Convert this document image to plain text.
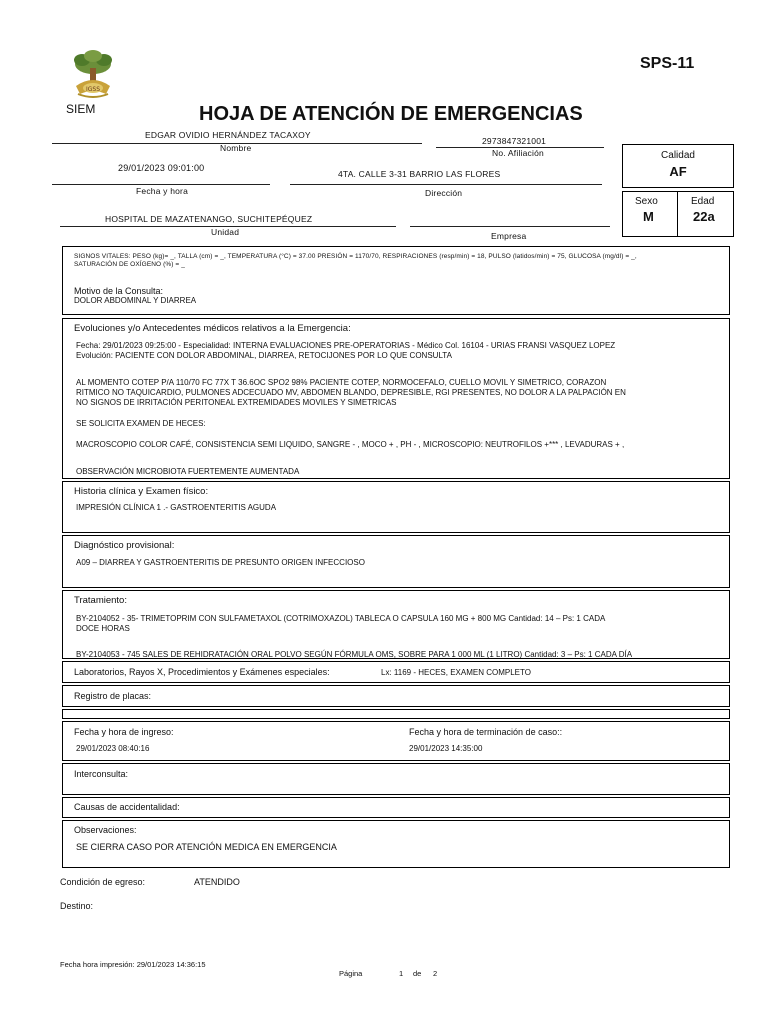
IGSS
SIEM
SPS-11
HOJA DE ATENCIÓN DE EMERGENCIAS
EDGAR OVIDIO HERNÁNDEZ TACAXOY
Nombre
2973847321001
No. Afiliación	Calidad
AF
29/01/2023 09:01:00
Fecha y hora
4TA. CALLE 3-31 BARRIO LAS FLORES
Dirección
Sexo
M
Edad
22a
HOSPITAL DE MAZATENANGO, SUCHITEPÉQUEZ
Unidad	Empresa
SIGNOS VITALES: PESO (kg)= _, TALLA (cm) = _, TEMPERATURA (°C) = 37.00 PRESIÓN = 1170/70, RESPIRACIONES (resp/min) = 18, PULSO (latidos/min) = 75, GLUCOSA (mg/dl) = _,
SATURACIÓN DE OXÍGENO (%) = _
Motivo de la Consulta:
DOLOR ABDOMINAL Y DIARREA
Evoluciones y/o Antecedentes médicos relativos a la Emergencia:
Fecha: 29/01/2023 09:25:00 - Especialidad: INTERNA EVALUACIONES PRE-OPERATORIAS - Médico Col. 16104 - URIAS FRANSI VASQUEZ LOPEZ
Evolución: PACIENTE CON DOLOR ABDOMINAL, DIARREA, RETOCIJONES POR LO QUE CONSULTA
AL MOMENTO COTEP P/A 110/70 FC 77X T 36.6OC SPO2 98% PACIENTE COTEP, NORMOCEFALO, CUELLO MOVIL Y SIMETRICO, CORAZON
RITMICO NO TAQUICARDIO, PULMONES ADCECUADO MV, ABDOMEN BLANDO, DEPRESIBLE, RGI PRESENTES, NO DOLOR A LA PALPACIÓN EN
NO SIGNOS DE IRRITACIÓN PERITONEAL EXTREMIDADES MOVILES Y SIMETRICAS
SE SOLICITA EXAMEN DE HECES:
MACROSCOPIO COLOR CAFÉ, CONSISTENCIA SEMI LIQUIDO, SANGRE - , MOCO + , PH - , MICROSCOPIO: NEUTROFILOS +*** , LEVADURAS + ,
OBSERVACIÓN MICROBIOTA FUERTEMENTE AUMENTADA
Historia clínica y Examen físico:
IMPRESIÓN CLÍNICA 1 .- GASTROENTERITIS AGUDA
Diagnóstico provisional:
A09 – DIARREA Y GASTROENTERITIS DE PRESUNTO ORIGEN INFECCIOSO
Tratamiento:
BY-2104052 - 35- TRIMETOPRIM CON SULFAMETAXOL (COTRIMOXAZOL) TABLECA O CAPSULA 160 MG + 800 MG Cantidad: 14 – Ps: 1 CADA
DOCE HORAS
BY-2104053 - 745 SALES DE REHIDRATACIÓN ORAL POLVO SEGÚN FÓRMULA OMS, SOBRE PARA 1 000 ML (1 LITRO) Cantidad: 3 – Ps: 1 CADA DÍA
Laboratorios, Rayos X, Procedimientos y Exámenes especiales:	Lx: 1169 - HECES, EXAMEN COMPLETO
Registro de placas:
Fecha y hora de ingreso:
29/01/2023 08:40:16
Fecha y hora de terminación de caso::
29/01/2023 14:35:00
Interconsulta:
Causas de accidentalidad:
Observaciones:
SE CIERRA CASO POR ATENCIÓN MEDICA EN EMERGENCIA
Condición de egreso:	ATENDIDO
Destino:
Fecha hora impresión: 29/01/2023 14:36:15
Página	1 de 2
